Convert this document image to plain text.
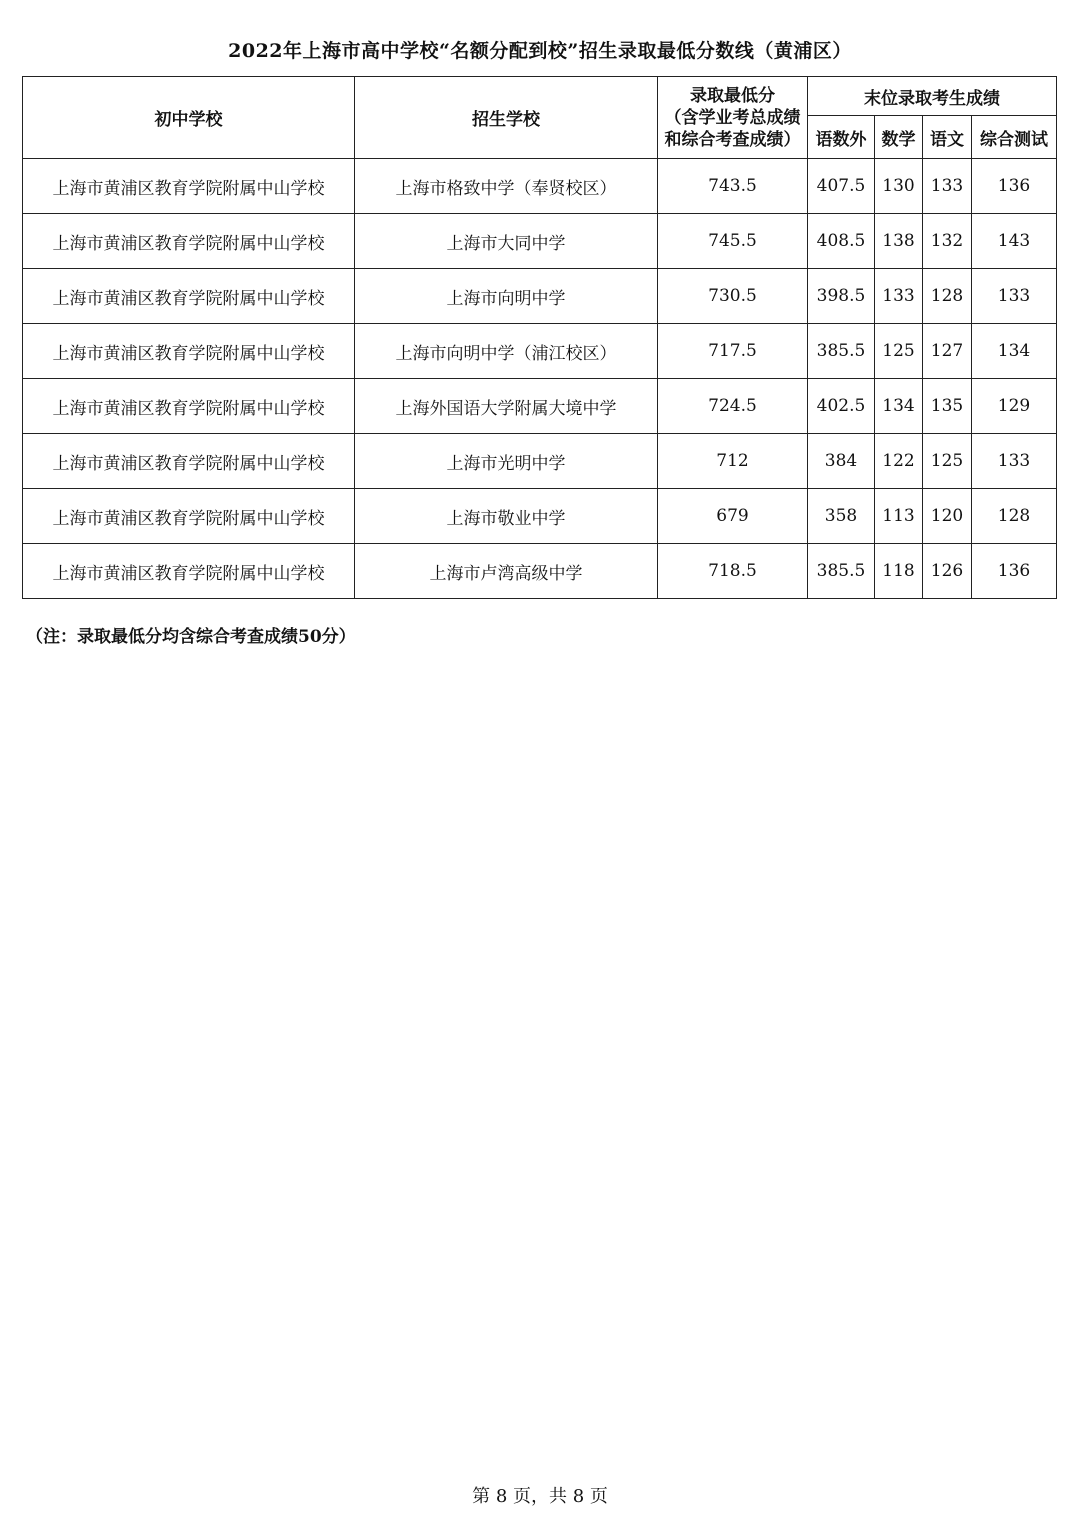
2022年上海市高中学校“名额分配到校”招生录取最低分数线（黄浦区）
初中学校	招生学校	录取最低分
（含学业考总成绩
和综合考查成绩）	末位录取考生成绩			
			语数外	数学	语文	综合测试
上海市黄浦区教育学院附属中山学校	上海市格致中学（奉贤校区）	743.5	407.5	130	133	136
上海市黄浦区教育学院附属中山学校	上海市大同中学	745.5	408.5	138	132	143
上海市黄浦区教育学院附属中山学校	上海市向明中学	730.5	398.5	133	128	133
上海市黄浦区教育学院附属中山学校	上海市向明中学（浦江校区）	717.5	385.5	125	127	134
上海市黄浦区教育学院附属中山学校	上海外国语大学附属大境中学	724.5	402.5	134	135	129
上海市黄浦区教育学院附属中山学校	上海市光明中学	712	384	122	125	133
上海市黄浦区教育学院附属中山学校	上海市敬业中学	679	358	113	120	128
上海市黄浦区教育学院附属中山学校	上海市卢湾高级中学	718.5	385.5	118	126	136
（注：录取最低分均含综合考查成绩50分）
第 8 页，共 8 页
